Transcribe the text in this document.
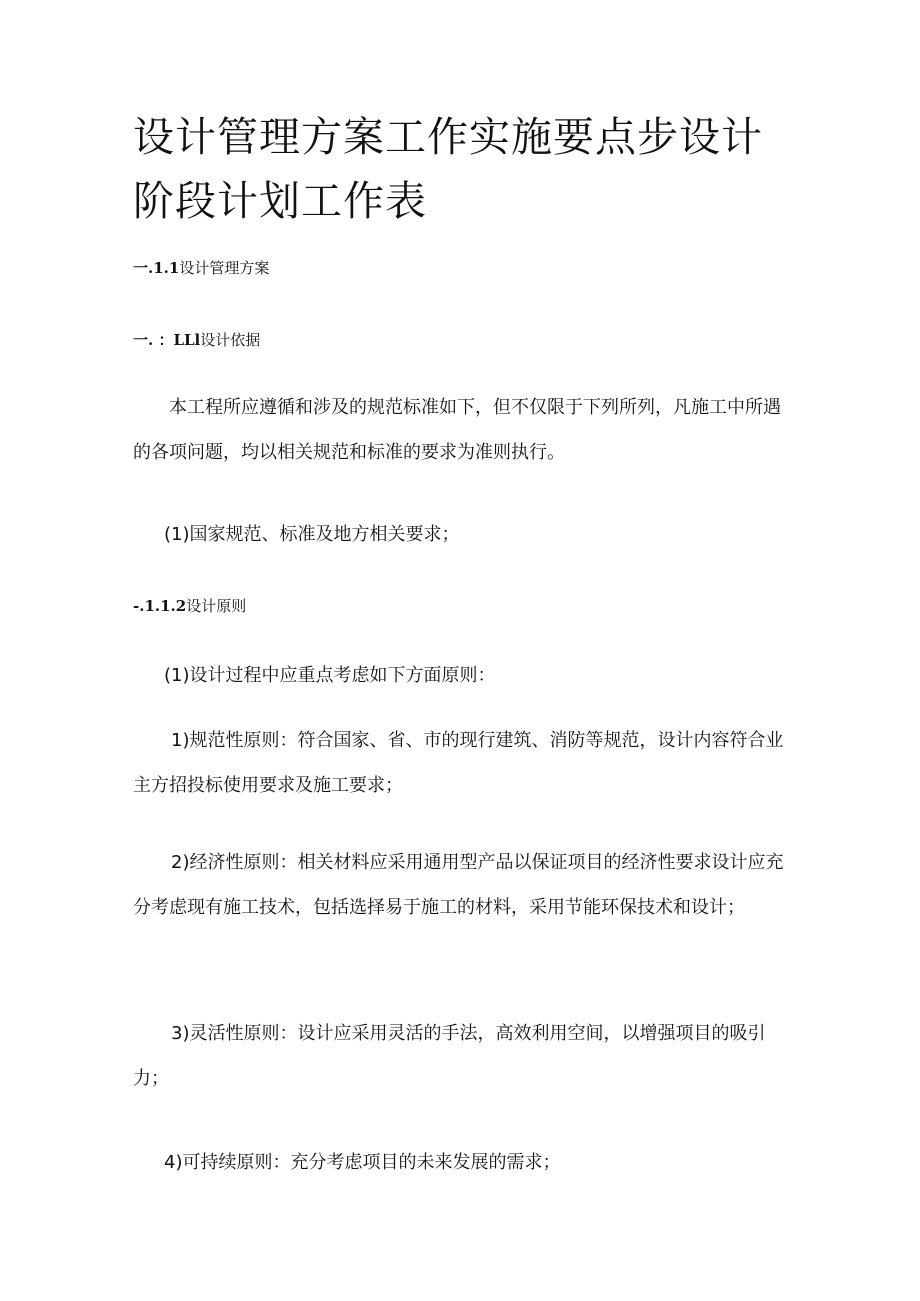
设计管理方案工作实施要点步设计阶段计划工作表
一.1.1设计管理方案
一. ：LLl设计依据

本工程所应遵循和涉及的规范标准如下，但不仅限于下列所列，凡施工中所遇的各项问题，均以相关规范和标准的要求为准则执行。

(1)国家规范、标准及地方相关要求；

-.1.1.2设计原则

(1)设计过程中应重点考虑如下方面原则：

1)规范性原则：符合国家、省、市的现行建筑、消防等规范，设计内容符合业主方招投标使用要求及施工要求；

2)经济性原则：相关材料应采用通用型产品以保证项目的经济性要求设计应充分考虑现有施工技术，包括选择易于施工的材料，采用节能环保技术和设计；

3)灵活性原则：设计应采用灵活的手法，高效利用空间，以增强项目的吸引力；

4)可持续原则：充分考虑项目的未来发展的需求；
